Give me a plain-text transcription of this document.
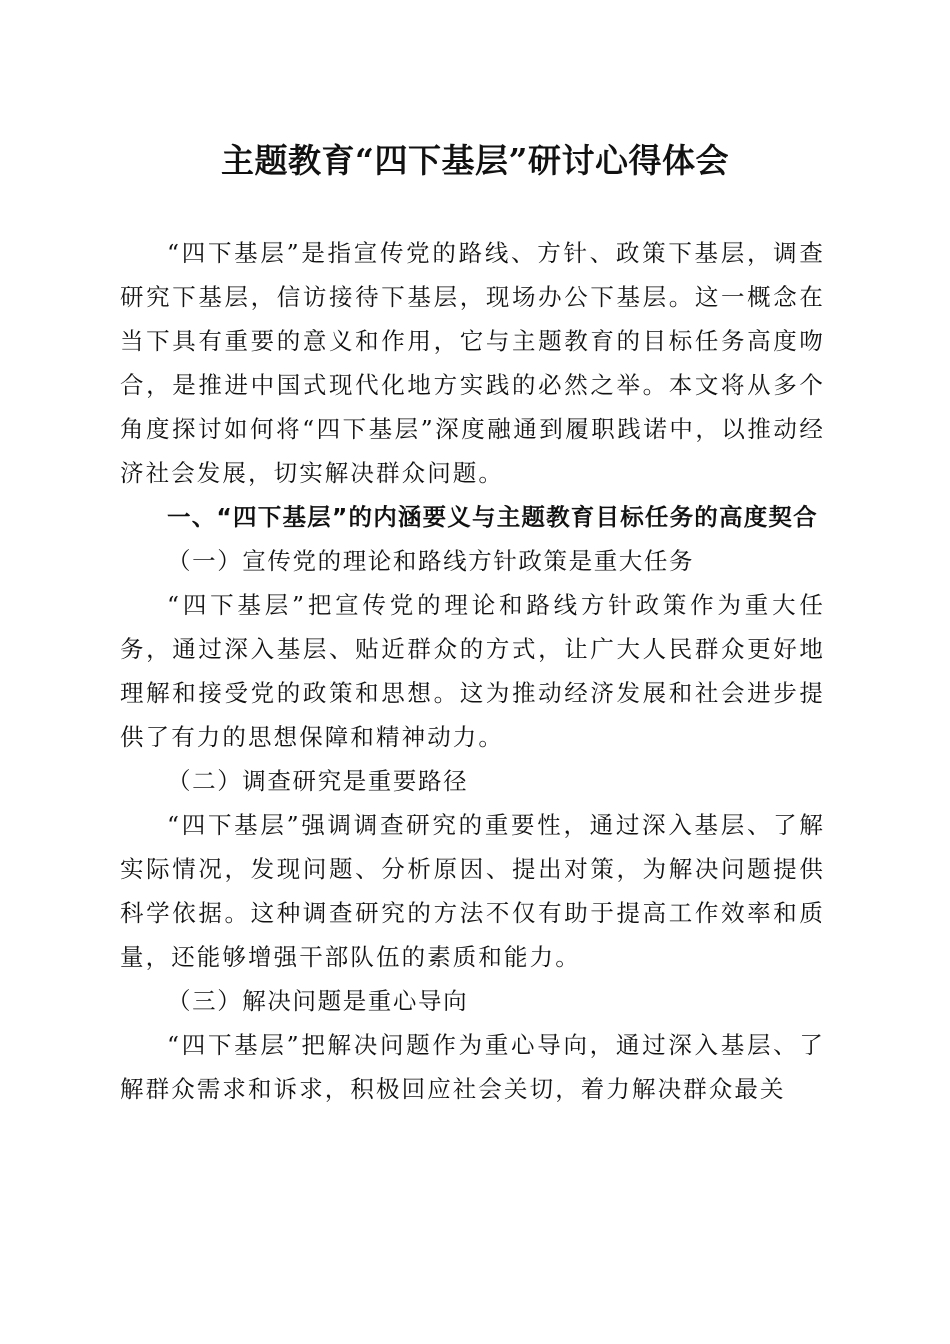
主题教育“四下基层”研讨心得体会

“四下基层”是指宣传党的路线、方针、政策下基层，调查研究下基层，信访接待下基层，现场办公下基层。这一概念在当下具有重要的意义和作用，它与主题教育的目标任务高度吻合，是推进中国式现代化地方实践的必然之举。本文将从多个角度探讨如何将“四下基层”深度融通到履职践诺中，以推动经济社会发展，切实解决群众问题。

一、“四下基层”的内涵要义与主题教育目标任务的高度契合

（一）宣传党的理论和路线方针政策是重大任务

“四下基层”把宣传党的理论和路线方针政策作为重大任务，通过深入基层、贴近群众的方式，让广大人民群众更好地理解和接受党的政策和思想。这为推动经济发展和社会进步提供了有力的思想保障和精神动力。

（二）调查研究是重要路径

“四下基层”强调调查研究的重要性，通过深入基层、了解实际情况，发现问题、分析原因、提出对策，为解决问题提供科学依据。这种调查研究的方法不仅有助于提高工作效率和质量，还能够增强干部队伍的素质和能力。

（三）解决问题是重心导向

“四下基层”把解决问题作为重心导向，通过深入基层、了解群众需求和诉求，积极回应社会关切，着力解决群众最关
